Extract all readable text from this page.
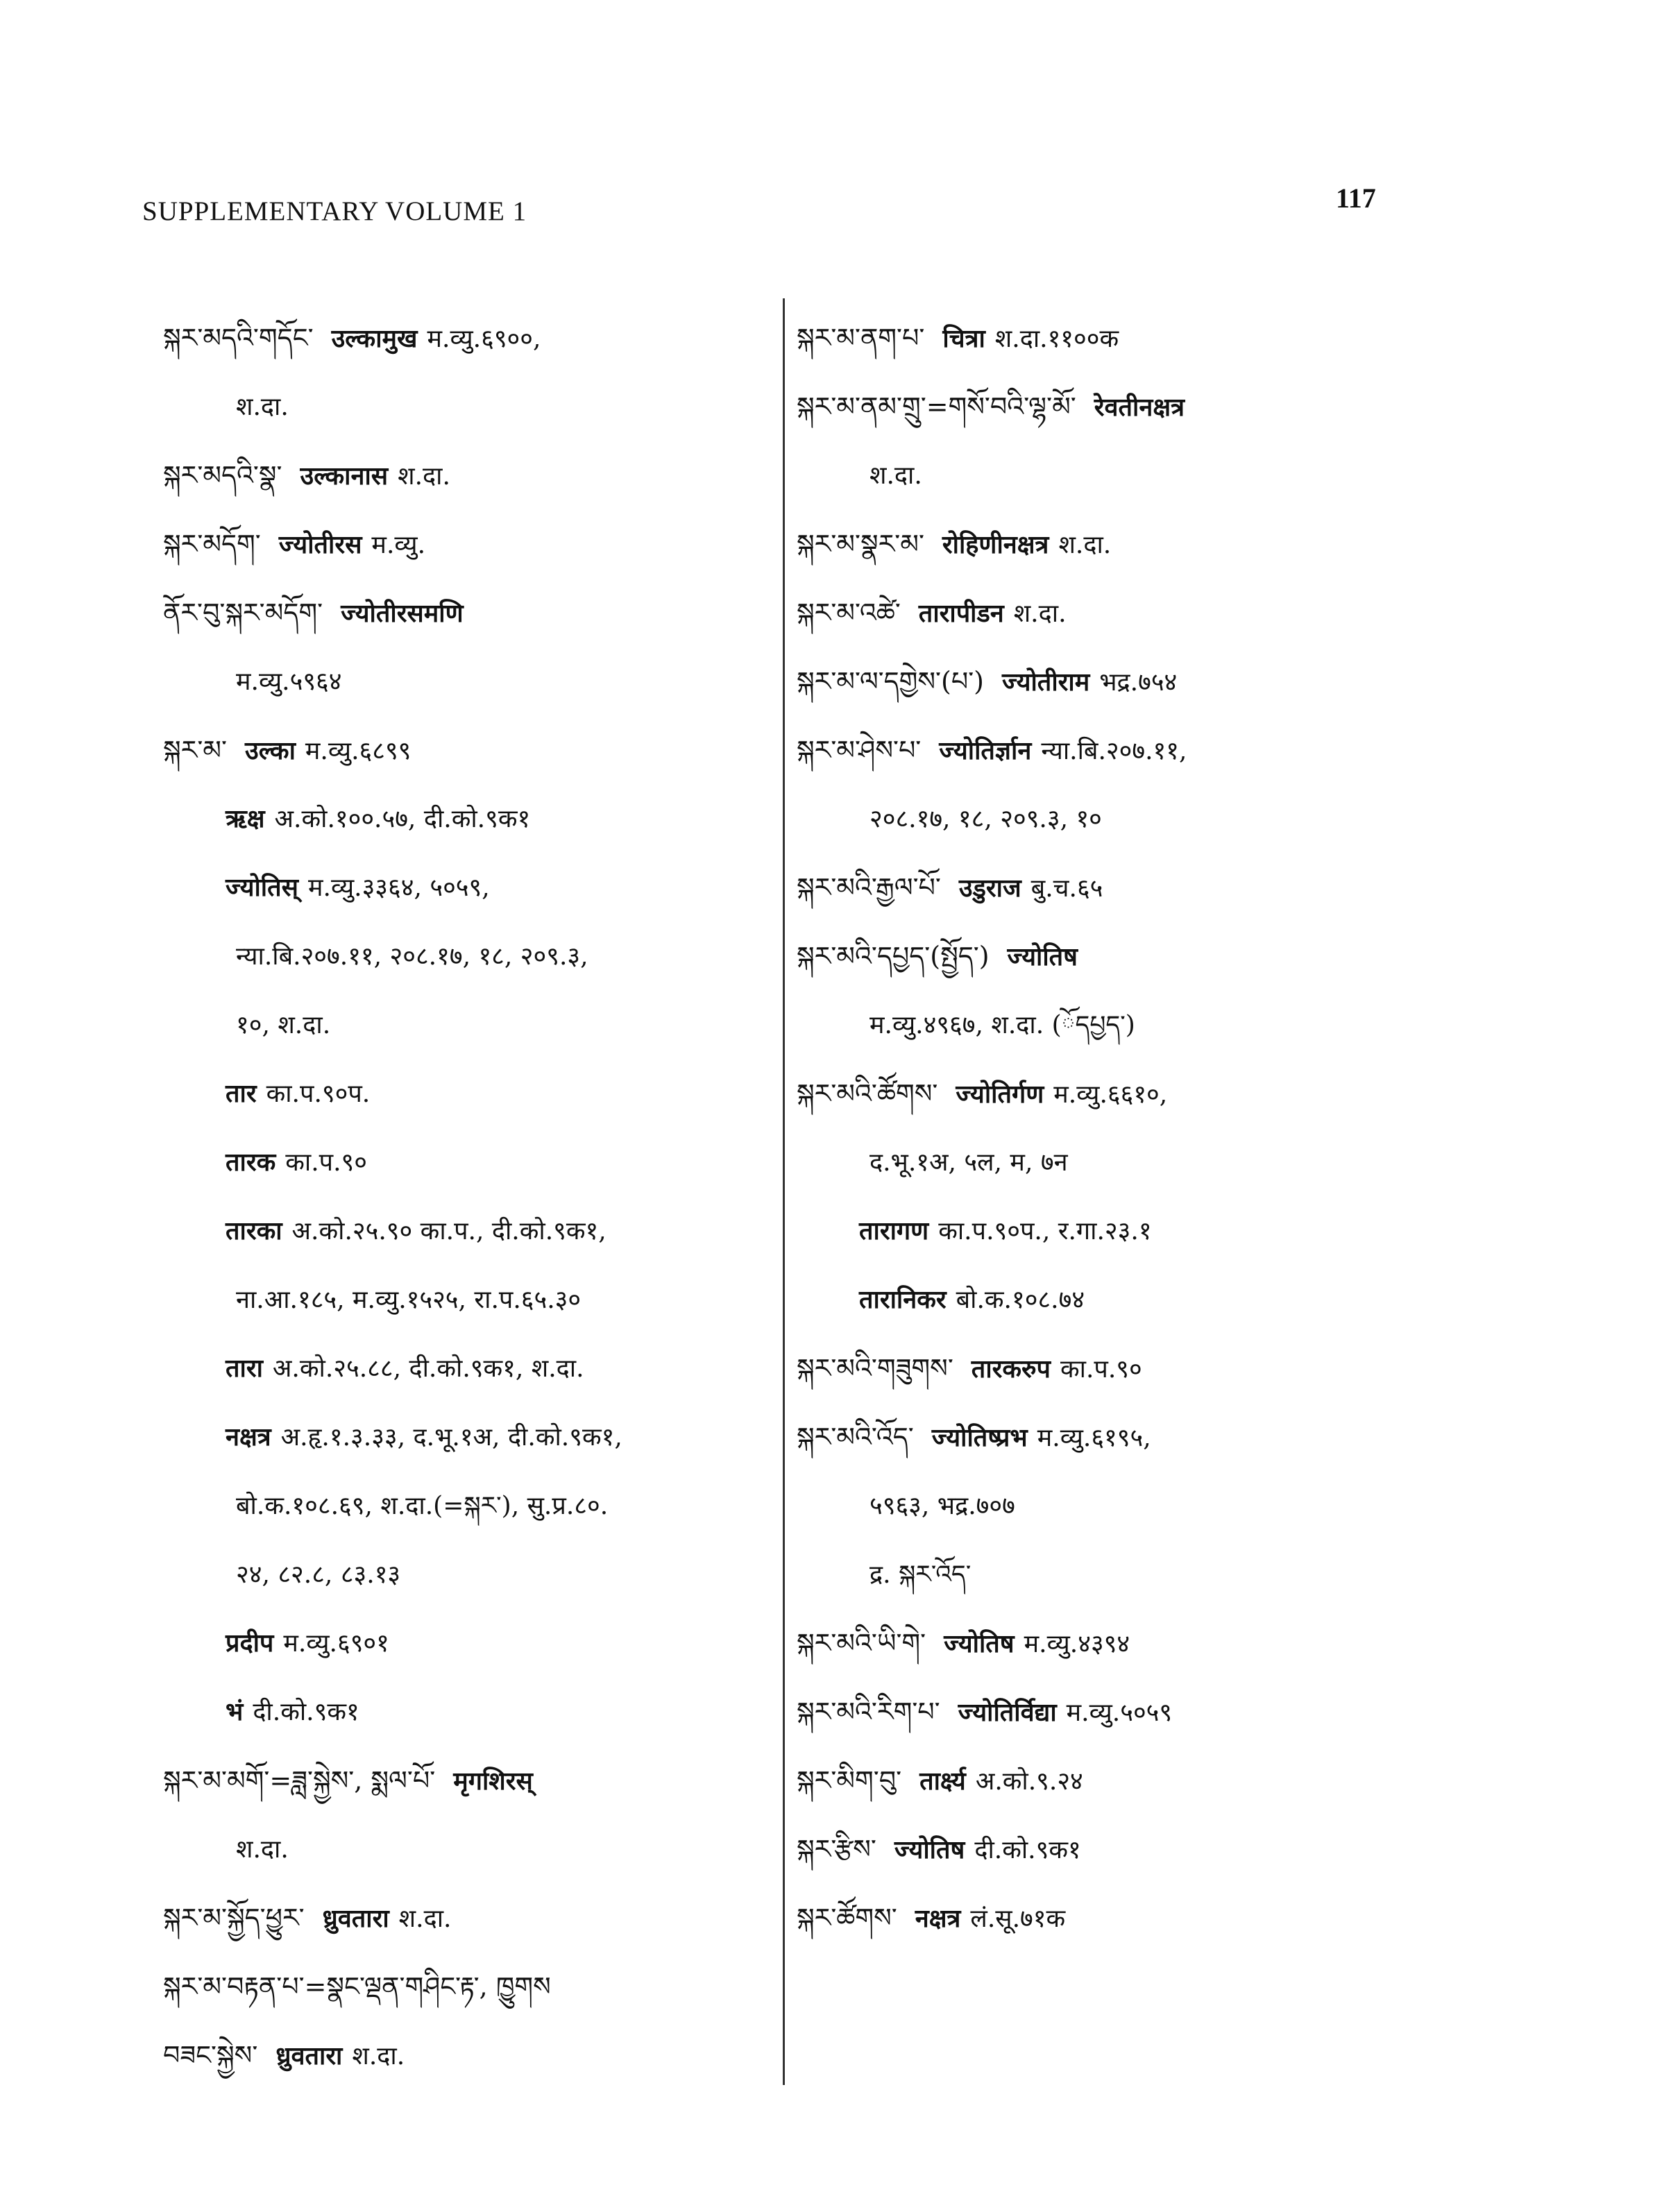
SUPPLEMENTARY VOLUME 1	117
སྐར་མདའི་གདོང་ उल्कामुख म.व्यु.६९००,
श.दा.
སྐར་མདའི་སྣ་ उल्कानास श.दा.
སྐར་མདོག་ ज्योतीरस म.व्यु.
ནོར་བུ་སྐར་མདོག་ ज्योतीरसमणि
म.व्यु.५९६४
སྐར་མ་ उल्का म.व्यु.६८९९
ऋक्ष अ.को.१००.५७, दी.को.९क१
ज्योतिस् म.व्यु.३३६४, ५०५९,
न्या.बि.२०७.११, २०८.१७, १८, २०९.३,
१०, श.दा.
तार का.प.९०प.
तारक का.प.९०
तारका अ.को.२५.९० का.प., दी.को.९क१,
ना.आ.१८५, म.व्यु.१५२५, रा.प.६५.३०
तारा अ.को.२५.८८, दी.को.९क१, श.दा.
नक्षत्र अ.हृ.१.३.३३, द.भू.१अ, दी.को.९क१,
बो.क.१०८.६९, श.दा.(=སྐར་), सु.प्र.८०.
२४, ८२.८, ८३.१३
प्रदीप म.व्यु.६९०१
भं दी.को.९क१
སྐར་མ་མགོ་=ཟླ་སྐྱེས་, སྨལ་པོ་ मृगशिरस्
श.दा.
སྐར་མ་སྐྱོད་ཕྱུར་ ध्रुवतारा श.दा.
སྐར་མ་བརྟན་པ་=སྣང་ལྡན་གཤིང་རྟ་, ཁྱུགས
བཟང་སྐྱེས་ ध्रुवतारा श.दा.
སྐར་མ་ནག་པ་ चित्रा श.दा.११००क
སྐར་མ་ནམ་གྲུ་=གསོ་བའི་ལྷ་མོ་ रेवतीनक्षत्र
श.दा.
སྐར་མ་སྣར་མ་ रोहिणीनक्षत्र श.दा.
སྐར་མ་འཚེ་ तारापीडन श.दा.
སྐར་མ་ལ་དགྱེས་(པ་) ज्योतीराम भद्र.७५४
སྐར་མ་ཤེས་པ་ ज्योतिर्ज्ञान न्या.बि.२०७.११,
२०८.१७, १८, २०९.३, १०
སྐར་མའི་རྒྱལ་པོ་ उडुराज बु.च.६५
སྐར་མའི་དཔྱད་(སྤྱོད་) ज्योतिष
म.व्यु.४९६७, श.दा. (ོདཔྱད་)
སྐར་མའི་ཚོགས་ ज्योतिर्गण म.व्यु.६६१०,
द.भू.१अ, ५ल, म, ७न
तारागण का.प.९०प., र.गा.२३.१
तारानिकर बो.क.१०८.७४
སྐར་མའི་གཟུགས་ तारकरुप का.प.९०
སྐར་མའི་འོད་ ज्योतिष्प्रभ म.व्यु.६१९५,
५९६३, भद्र.७०७
द्र. སྐར་འོད་
སྐར་མའི་ཡི་གེ་ ज्योतिष म.व्यु.४३९४
སྐར་མའི་རིག་པ་ ज्योतिर्विद्या म.व्यु.५०५९
སྐར་མིག་བུ་ तार्क्ष्य अ.को.९.२४
སྐར་རྩིས་ ज्योतिष दी.को.९क१
སྐར་ཚོགས་ नक्षत्र लं.सू.७१क
